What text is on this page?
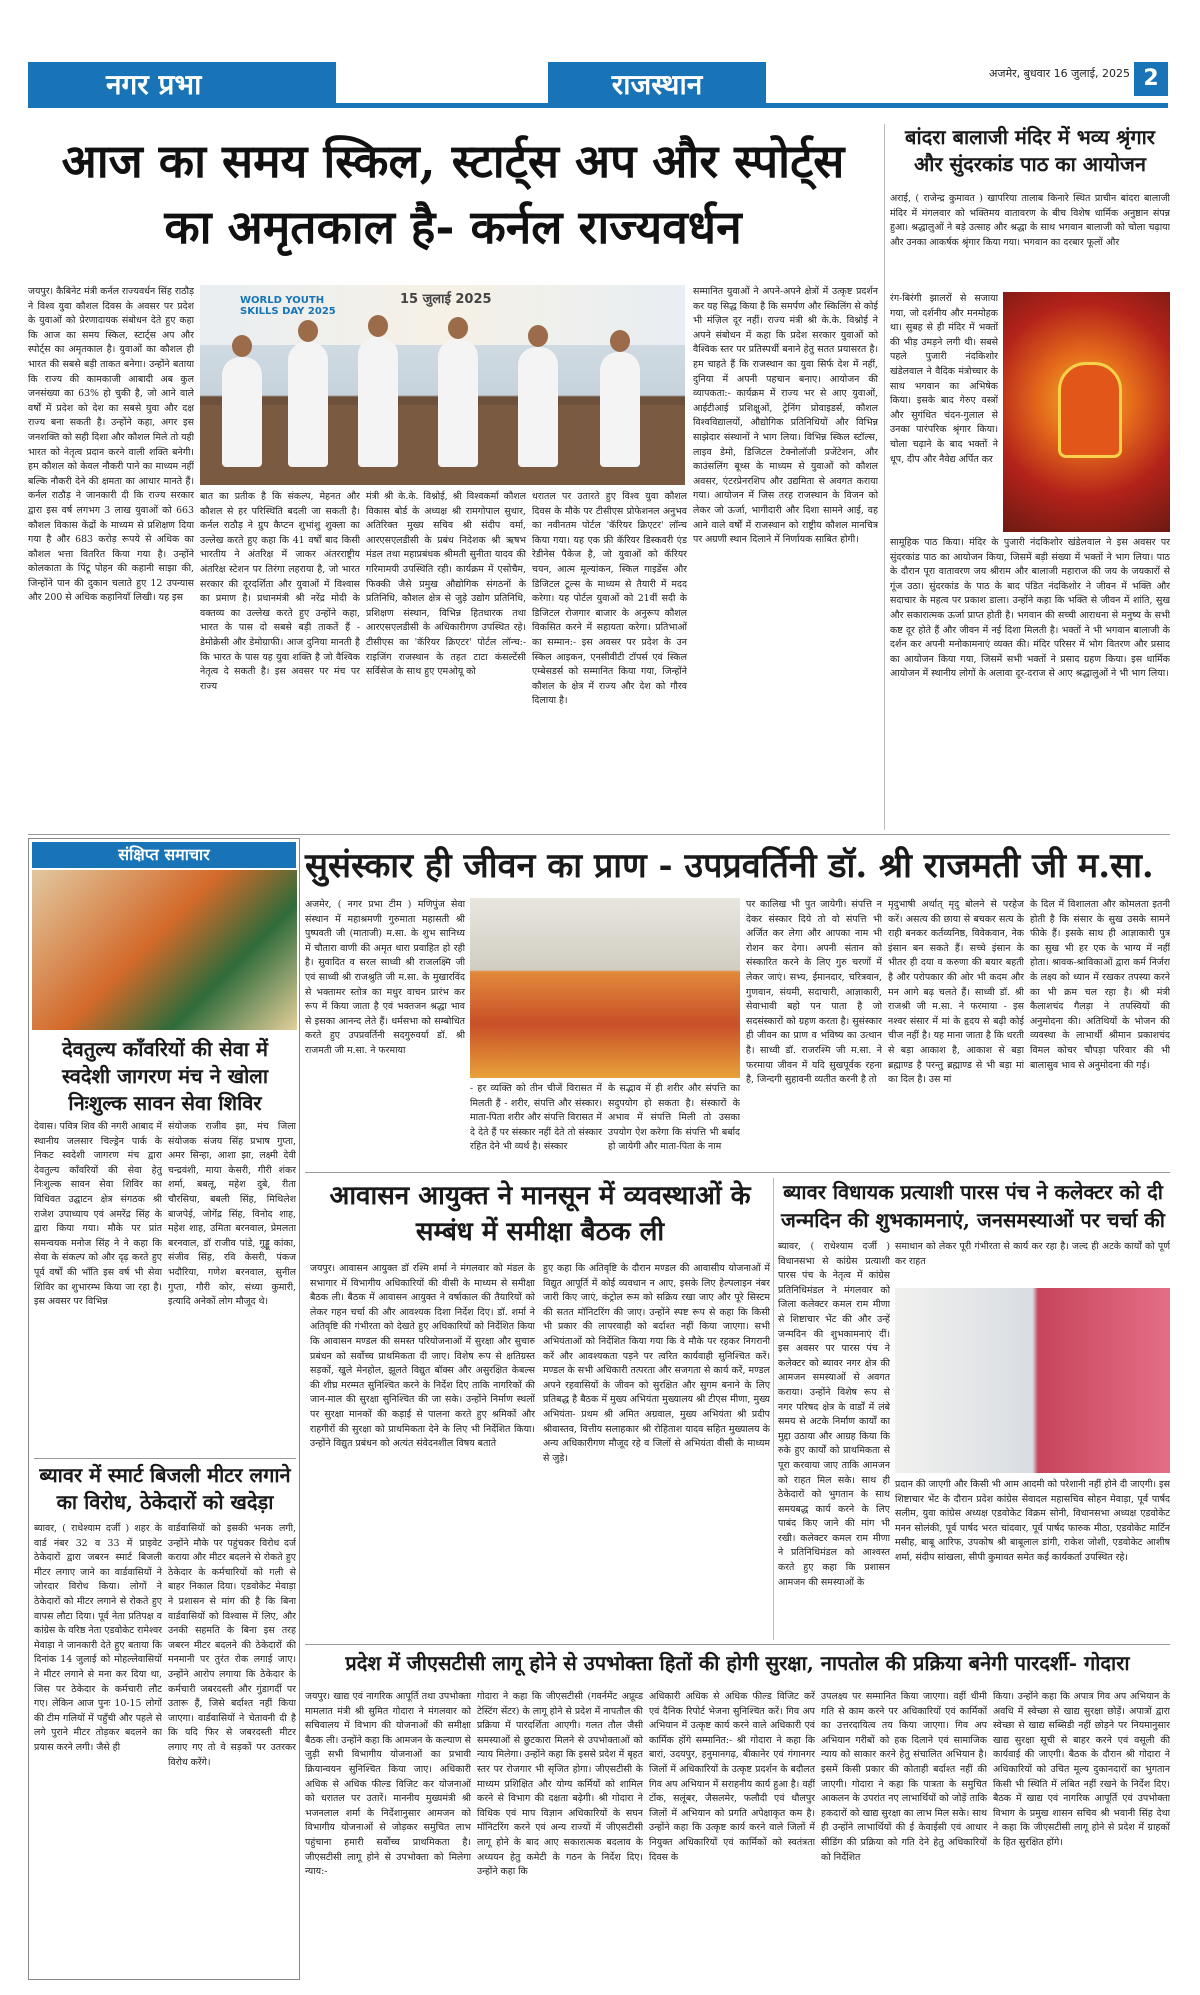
नगर प्रभा	राजस्थान	अजमेर, बुधवार 16 जुलाई, 2025 2
आज का समय स्किल, स्टार्ट्स अप और स्पोर्ट्स
का अमृतकाल है- कर्नल राज्यवर्धन
जयपुर। कैबिनेट मंत्री कर्नल राज्यवर्धन सिंह राठौड़ ने विश्व युवा कौशल दिवस के अवसर पर प्रदेश के युवाओं को प्रेरणादायक संबोधन देते हुए कहा कि आज का समय स्किल, स्टार्ट्स अप और स्पोर्ट्स का अमृतकाल है। युवाओं का कौशल ही भारत की सबसे बड़ी ताकत बनेगा। उन्होंने बताया कि राज्य की कामकाजी आबादी अब कुल जनसंख्या का 63% हो चुकी है, जो आने वाले वर्षों में प्रदेश को देश का सबसे युवा और दक्ष राज्य बना सकती है। उन्होंने कहा, अगर इस जनशक्ति को सही दिशा और कौशल मिले तो यही भारत को नेतृत्व प्रदान करने वाली शक्ति बनेगी। हम कौशल को केवल नौकरी पाने का माध्यम नहीं बल्कि नौकरी देने की क्षमता का आधार मानते हैं। कर्नल राठौड़ ने जानकारी दी कि राज्य सरकार द्वारा इस वर्ष लगभग 3 लाख युवाओं को 663 कौशल विकास केंद्रों के माध्यम से प्रशिक्षण दिया गया है और 683 करोड़ रूपये से अधिक का कौशल भत्ता वितरित किया गया है। उन्होंने कोलकाता के पिंटू पोहन की कहानी साझा की, जिन्होंने पान की दुकान चलाते हुए 12 उपन्यास और 200 से अधिक कहानियाँ लिखी। यह इस
WORLD YOUTH SKILLS DAY 2025
15 जुलाई 2025
बात का प्रतीक है कि संकल्प, मेहनत और कौशल से हर परिस्थिति बदली जा सकती है। कर्नल राठौड़ ने ग्रुप कैप्टन शुभांशु शुक्ला का उल्लेख करते हुए कहा कि 41 वर्षों बाद किसी भारतीय ने अंतरिक्ष में जाकर अंतरराष्ट्रीय अंतरिक्ष स्टेशन पर तिरंगा लहराया है, जो भारत सरकार की दूरदर्शिता और युवाओं में विश्वास का प्रमाण है। प्रधानमंत्री श्री नरेंद्र मोदी के वक्तव्य का उल्लेख करते हुए उन्होंने कहा, भारत के पास दो सबसे बड़ी ताकतें हैं - डेमोक्रेसी और डेमोग्राफी। आज दुनिया मानती है कि भारत के पास यह युवा शक्ति है जो वैश्विक नेतृत्व दे सकती है। इस अवसर पर मंच पर राज्य
मंत्री श्री के.के. विश्नोई, श्री विश्वकर्मा कौशल विकास बोर्ड के अध्यक्ष श्री रामगोपाल सुथार, अतिरिक्त मुख्य सचिव श्री संदीप वर्मा, आरएसएलडीसी के प्रबंध निदेशक श्री ऋषभ मंडल तथा महाप्रबंधक श्रीमती सुनीता यादव की गरिमामयी उपस्थिति रही। कार्यक्रम में एसोचैम, फिक्की जैसे प्रमुख औद्योगिक संगठनों के प्रतिनिधि, कौशल क्षेत्र से जुड़े उद्योग प्रतिनिधि, प्रशिक्षण संस्थान, विभिन्न हितधारक तथा आरएसएलडीसी के अधिकारीगण उपस्थित रहे। टीसीएस का 'कॅरियर क्रिएटर' पोर्टल लॉन्च:- राइजिंग राजस्थान के तहत टाटा कंसल्टेंसी सर्विसेज के साथ हुए एमओयू को
धरातल पर उतारते हुए विश्व युवा कौशल दिवस के मौके पर टीसीएस प्रोफेशनल अनुभव का नवीनतम पोर्टल 'कॅरियर क्रिएटर' लॉन्च किया गया। यह एक फ्री कॅरियर डिस्कवरी एंड रेडीनेस पैकेज है, जो युवाओं को कॅरियर चयन, आत्म मूल्यांकन, स्किल गाइडेंस और डिजिटल टूल्स के माध्यम से तैयारी में मदद करेगा। यह पोर्टल युवाओं को 21वीं सदी के डिजिटल रोजगार बाजार के अनुरूप कौशल विकसित करने में सहायता करेगा। प्रतिभाओं का सम्मान:- इस अवसर पर प्रदेश के उन स्किल आइकन, एनसीवीटी टॉपर्स एवं स्किल एम्बेसडर्स को सम्मानित किया गया, जिन्होंने कौशल के क्षेत्र में राज्य और देश को गौरव दिलाया है।
सम्मानित युवाओं ने अपने-अपने क्षेत्रों में उत्कृष्ट प्रदर्शन कर यह सिद्ध किया है कि समर्पण और स्किलिंग से कोई भी मंज़िल दूर नहीं। राज्य मंत्री श्री के.के. विश्नोई ने अपने संबोधन में कहा कि प्रदेश सरकार युवाओं को वैश्विक स्तर पर प्रतिस्पर्धी बनाने हेतु सतत प्रयासरत है। हम चाहते हैं कि राजस्थान का युवा सिर्फ देश में नहीं, दुनिया में अपनी पहचान बनाए। आयोजन की व्यापकता:- कार्यक्रम में राज्य भर से आए युवाओं, आईटीआई प्रशिक्षुओं, ट्रेनिंग प्रोवाइडर्स, कौशल विश्वविद्यालयों, औद्योगिक प्रतिनिधियों और विभिन्न साझेदार संस्थानों ने भाग लिया। विभिन्न स्किल स्टॉल्स, लाइव डेमो, डिजिटल टेक्नोलॉजी प्रजेंटेशन, और काउंसलिंग बूथ्स के माध्यम से युवाओं को कौशल अवसर, एंटरप्रेनरशिप और उद्यमिता से अवगत कराया गया। आयोजन में जिस तरह राजस्थान के विजन को लेकर जो ऊर्जा, भागीदारी और दिशा सामने आई, वह आने वाले वर्षों में राजस्थान को राष्ट्रीय कौशल मानचित्र पर अग्रणी स्थान दिलाने में निर्णायक साबित होगी।
बांदरा बालाजी मंदिर में भव्य श्रृंगार और सुंदरकांड पाठ का आयोजन
अराई, ( राजेन्द्र कुमावत ) खापरिया तालाब किनारे स्थित प्राचीन बांदरा बालाजी मंदिर में मंगलवार को भक्तिमय वातावरण के बीच विशेष धार्मिक अनुष्ठान संपन्न हुआ। श्रद्धालुओं ने बड़े उत्साह और श्रद्धा के साथ भगवान बालाजी को चोला चढ़ाया और उनका आकर्षक श्रृंगार किया गया। भगवान का दरबार फूलों और
रंग-बिरंगी झालरों से सजाया गया, जो दर्शनीय और मनमोहक था। सुबह से ही मंदिर में भक्तों की भीड़ उमड़ने लगी थी। सबसे पहले पुजारी नंदकिशोर खंडेलवाल ने वैदिक मंत्रोच्चार के साथ भगवान का अभिषेक किया। इसके बाद गेरुए वस्त्रों और सुगंधित चंदन-गुलाल से उनका पारंपरिक श्रृंगार किया। चोला चढ़ाने के बाद भक्तों ने धूप, दीप और नैवेद्य अर्पित कर
सामूहिक पाठ किया। मंदिर के पुजारी नंदकिशोर खंडेलवाल ने इस अवसर पर सुंदरकांड पाठ का आयोजन किया, जिसमें बड़ी संख्या में भक्तों ने भाग लिया। पाठ के दौरान पूरा वातावरण जय श्रीराम और बालाजी महाराज की जय के जयकारों से गूंज उठा। सुंदरकांड के पाठ के बाद पंडित नंदकिशोर ने जीवन में भक्ति और सदाचार के महत्व पर प्रकाश डाला। उन्होंने कहा कि भक्ति से जीवन में शांति, सुख और सकारात्मक ऊर्जा प्राप्त होती है। भगवान की सच्ची आराधना से मनुष्य के सभी कष्ट दूर होते हैं और जीवन में नई दिशा मिलती है। भक्तों ने भी भगवान बालाजी के दर्शन कर अपनी मनोकामनाएं व्यक्त की। मंदिर परिसर में भोग वितरण और प्रसाद का आयोजन किया गया, जिसमें सभी भक्तों ने प्रसाद ग्रहण किया। इस धार्मिक आयोजन में स्थानीय लोगों के अलावा दूर-दराज से आए श्रद्धालुओं ने भी भाग लिया।
संक्षिप्त समाचार
देवतुल्य काँवरियों की सेवा में स्वदेशी जागरण मंच ने खोला निःशुल्क सावन सेवा शिविर
देवास। पवित्र शिव की नगरी आबाद में स्थानीय जलसार चिल्ड्रेन पार्क के निकट स्वदेशी जागरण मंच द्वारा देवतुल्य काँवरियों की सेवा हेतु निःशुल्क सावन सेवा शिविर का विधिवत उद्घाटन क्षेत्र संगठक श्री राजेश उपाध्याय एवं अमरेंद्र सिंह के द्वारा किया गया। मौके पर प्रांत समन्वयक मनोज सिंह ने ने कहा कि सेवा के संकल्प को और दृढ़ करते हुए पूर्व वर्षों की भाँति इस वर्ष भी सेवा शिविर का शुभारम्भ किया जा रहा है। इस अवसर पर विभिन्न
संयोजक राजीव झा, मंच जिला संयोजक संजय सिंह प्रभाष गुप्ता, अमर सिन्हा, आशा झा, लक्ष्मी देवी चन्द्रवंशी, माया केसरी, गीरी शंकर शर्मा, बबलू, महेश दुबे, रीता चौरसिया, बबली सिंह, मिथिलेश बाजपेई, जोगेंद्र सिंह, विनोद शाह, महेश शाह, उमिता बरनवाल, प्रेमलता बरनवाल, डॉ राजीव पांडे, गुड्डू कांका, संजीव सिंह, रवि केसरी, पंकज भदौरिया, गणेश बरनवाल, सुनील गुप्ता, गौरी कोर, संध्या कुमारी, इत्यादि अनेकों लोग मौजूद थे।
ब्यावर में स्मार्ट बिजली मीटर लगाने का विरोध, ठेकेदारों को खदेड़ा
ब्यावर, ( राधेश्याम दर्जी ) शहर के वार्ड नंबर 32 व 33 में प्राइवेट ठेकेदारों द्वारा जबरन स्मार्ट बिजली मीटर लगाए जाने का वार्डवासियों ने जोरदार विरोध किया। लोगों ने ठेकेदारों को मीटर लगाने से रोकते हुए वापस लौटा दिया। पूर्व नेता प्रतिपक्ष व कांग्रेस के वरिष्ठ नेता एडवोकेट रामेश्वर मेवाड़ा ने जानकारी देते हुए बताया कि दिनांक 14 जुलाई को मोहल्लेवासियों ने मीटर लगाने से मना कर दिया था, जिस पर ठेकेदार के कर्मचारी लौट गए। लेकिन आज पुनः 10-15 लोगों की टीम गलियों में पहुँची और पहले से लगे पुराने मीटर तोड़कर बदलने का प्रयास करने लगी। जैसे ही
वार्डवासियों को इसकी भनक लगी, उन्होंने मौके पर पहुंचकर विरोध दर्ज कराया और मीटर बदलने से रोकते हुए ठेकेदार के कर्मचारियों को गली से बाहर निकाल दिया। एडवोकेट मेवाड़ा ने प्रशासन से मांग की है कि बिना वार्डवासियों को विश्वास में लिए, और उनकी सहमति के बिना इस तरह जबरन मीटर बदलने की ठेकेदारों की मनमानी पर तुरंत रोक लगाई जाए। उन्होंने आरोप लगाया कि ठेकेदार के कर्मचारी जबरदस्ती और गुंडागर्दी पर उतारू हैं, जिसे बर्दाश्त नहीं किया जाएगा। वार्डवासियों ने चेतावनी दी है कि यदि फिर से जबरदस्ती मीटर लगाए गए तो वे सड़कों पर उतरकर विरोध करेंगे।
सुसंस्कार ही जीवन का प्राण - उपप्रवर्तिनी डॉ. श्री राजमती जी म.सा.
अजमेर, ( नगर प्रभा टीम ) मणिपुंज सेवा संस्थान में महाश्रमणी गुरुमाता महासती श्री पुष्पवती जी (माताजी) म.सा. के शुभ सानिध्य में चौतारा वाणी की अमृत धारा प्रवाहित हो रही है। सुवादित व सरल साध्वी श्री राजलक्ष्मि जी एवं साध्वी श्री राजश्रुति जी म.सा. के मुखारविंद से भक्तामर स्तोत्र का मधुर वाचन प्रारंभ कर रूप में किया जाता है एवं भक्तजन श्रद्धा भाव से इसका आनन्द लेते हैं। धर्मसभा को सम्बोधित करते हुए उपप्रवर्तिनी सदगुरुवर्या डॉ. श्री राजमती जी म.सा. ने फरमाया
- हर व्यक्ति को तीन चीजें विरासत में मिलती हैं - शरीर, संपत्ति और संस्कार। माता-पिता शरीर और संपत्ति विरासत में दे देते हैं पर संस्कार नहीं देते तो संस्कार रहित देने भी व्यर्थ है। संस्कार
के सद्भाव में ही शरीर और संपत्ति का सदुपयोग हो सकता है। संस्कारों के अभाव में संपत्ति मिली तो उसका उपयोग ऐश करेगा कि संपत्ति भी बर्बाद हो जायेगी और माता-पिता के नाम
पर कालिख भी पुत जायेगी। संपत्ति न देकर संस्कार दिये तो वो संपत्ति भी अर्जित कर लेगा और आपका नाम भी रोशन कर देगा। अपनी संतान को संस्कारित करने के लिए गुरु चरणों में लेकर जाएं। सभ्य, ईमानदार, चरित्रवान, गुणवान, संयमी, सदाचारी, आज्ञाकारी, सेवाभावी बहो पन पाता है जो सदसंस्कारों को ग्रहण करता है। सुसंस्कार ही जीवन का प्राण व भविष्य का उत्थान है। साध्वी डॉ. राजरश्मि जी म.सा. ने फरमाया जीवन में यदि सुखपूर्वक रहना है, जिन्दगी सुहावनी व्यतीत करनी है तो
मृदुभाषी अर्थात् मृदु बोलने से परहेज करें। असत्य की छाया से बचकर सत्य के राही बनकर कर्तव्यनिष्ठ, विवेकवान, नेक इंसान बन सकते हैं। सच्चे इंसान के भीतर ही दया व करुणा की बयार बहती है और परोपकार की ओर भी कदम और मन आगे बढ़ चलते हैं। साध्वी डॉ. श्री राजश्री जी म.सा. ने फरमाया - इस नश्वर संसार में मां के हृदय से बढ़ी कोई चीज नहीं है। यह माना जाता है कि धरती से बड़ा आकाश है, आकाश से बड़ा ब्रह्माण्ड है परन्तु ब्रह्माण्ड से भी बड़ा मां का दिल है। उस मां
के दिल में विशालता और कोमलता इतनी होती है कि संसार के सुख उसके सामने फीके हैं। इसके साथ ही आज्ञाकारी पुत्र का सुख भी हर एक के भाग्य में नहीं होता। श्रावक-श्राविकाओं द्वारा कर्म निर्जरा के लक्ष्य को ध्यान में रखकर तपस्या करने का भी क्रम चल रहा है। श्री मंत्री कैलाशचंद गैलड़ा ने तपस्वियों की अनुमोदना की। अतिथियों के भोजन की व्यवस्था के लाभार्थी श्रीमान प्रकाशचंद विमल कोचर चौपड़ा परिवार की भी बालासुव भाव से अनुमोदना की गई।
आवासन आयुक्त ने मानसून में व्यवस्थाओं के सम्बंध में समीक्षा बैठक ली
जयपुर। आवासन आयुक्त डॉ रश्मि शर्मा ने मंगलवार को मंडल के सभागार में विभागीय अधिकारियों की वीसी के माध्यम से समीक्षा बैठक ली। बैठक में आवासन आयुक्त ने वर्षाकाल की तैयारियों को लेकर गहन चर्चा की और आवश्यक दिशा निर्देश दिए। डॉ. शर्मा ने अतिवृष्टि की गंभीरता को देखते हुए अधिकारियों को निर्देशित किया कि आवासन मण्डल की समस्त परियोजनाओं में सुरक्षा और सुचारु प्रबंधन को सर्वोच्च प्राथमिकता दी जाए। विशेष रूप से क्षतिग्रस्त सड़कों, खुले मेनहोल, झूलते विद्युत बॉक्स और असुरक्षित केबल्स की शीघ्र मरम्मत सुनिश्चित करने के निर्देश दिए ताकि नागरिकों की जान-माल की सुरक्षा सुनिश्चित की जा सके। उन्होंने निर्माण स्थलों पर सुरक्षा मानकों की कड़ाई से पालना करते हुए श्रमिकों और राहगीरों की सुरक्षा को प्राथमिकता देने के लिए भी निर्देशित किया। उन्होंने विद्युत प्रबंधन को अत्यंत संवेदनशील विषय बताते
हुए कहा कि अतिवृष्टि के दौरान मण्डल की आवासीय योजनाओं में विद्युत आपूर्ति में कोई व्यवधान न आए, इसके लिए हेल्पलाइन नंबर जारी किए जाएं, कंट्रोल रूम को सक्रिय रखा जाए और पूरे सिस्टम की सतत मॉनिटरिंग की जाए। उन्होंने स्पष्ट रूप से कहा कि किसी भी प्रकार की लापरवाही को बर्दाश्त नहीं किया जाएगा। सभी अभियंताओं को निर्देशित किया गया कि वे मौके पर रहकर निगरानी करें और आवश्यकता पड़ने पर त्वरित कार्यवाही सुनिश्चित करें। मण्डल के सभी अधिकारी तत्परता और सजगता से कार्य करें, मण्डल अपने रहवासियों के जीवन को सुरक्षित और सुगम बनाने के लिए प्रतिबद्ध है बैठक में मुख्य अभियंता मुख्यालय श्री टीएस मीणा, मुख्य अभियंता- प्रथम श्री अमित अग्रवाल, मुख्य अभियंता श्री प्रदीप श्रीवास्तव, वित्तीय सलाहकार श्री रोहिताश यादव सहित मुख्यालय के अन्य अधिकारीगण मौजूद रहे व जिलों से अभियंता वीसी के माध्यम से जुड़े।
ब्यावर विधायक प्रत्याशी पारस पंच ने कलेक्टर को दी जन्मदिन की शुभकामनाएं, जनसमस्याओं पर चर्चा की
ब्यावर, ( राधेश्याम दर्जी ) विधानसभा से कांग्रेस प्रत्याशी पारस पंच के नेतृत्व में कांग्रेस प्रतिनिधिमंडल ने मंगलवार को जिला कलेक्टर कमल राम मीणा से शिष्टाचार भेंट की और उन्हें जन्मदिन की शुभकामनाएं दीं। इस अवसर पर पारस पंच ने कलेक्टर को ब्यावर नगर क्षेत्र की आमजन समस्याओं से अवगत कराया। उन्होंने विशेष रूप से नगर परिषद क्षेत्र के वार्डों में लंबे समय से अटके निर्माण कार्यों का मुद्दा उठाया और आग्रह किया कि रुके हुए कार्यों को प्राथमिकता से पूरा करवाया जाए ताकि आमजन को राहत मिल सके। साथ ही ठेकेदारों को भुगतान के साथ समयबद्ध कार्य करने के लिए पाबंद किए जाने की मांग भी रखी। कलेक्टर कमल राम मीणा ने प्रतिनिधिमंडल को आश्वस्त करते हुए कहा कि प्रशासन आमजन की समस्याओं के
समाधान को लेकर पूरी गंभीरता से कार्य कर रहा है। जल्द ही अटके कार्यों को पूर्ण कर राहत
प्रदान की जाएगी और किसी भी आम आदमी को परेशानी नहीं होने दी जाएगी। इस शिष्टाचार भेंट के दौरान प्रदेश कांग्रेस सेवादल महासचिव सोहन मेवाड़ा, पूर्व पार्षद सलीम, युवा कांग्रेस अध्यक्ष एडवोकेट विक्रम सोनी, विधानसभा अध्यक्ष एडवोकेट मनन सोलंकी, पूर्व पार्षद भरत चांदवार, पूर्व पार्षद फारुक मीठा, एडवोकेट मार्टिन मसीह, बाबू आरिफ, उपकोष श्री बाबूलाल डांगी, राकेश जोशी, एडवोकेट आशीष शर्मा, संदीप सांखला, सीपी कुमावत समेत कई कार्यकर्ता उपस्थित रहे।
प्रदेश में जीएसटीसी लागू होने से उपभोक्ता हितों की होगी सुरक्षा, नापतोल की प्रक्रिया बनेगी पारदर्शी- गोदारा
जयपुर। खाद्य एवं नागरिक आपूर्ति तथा उपभोक्ता मामलात मंत्री श्री सुमित गोदारा ने मंगलवार को सचिवालय में विभाग की योजनाओं की समीक्षा बैठक ली। उन्होंने कहा कि आमजन के कल्याण से जुड़ी सभी विभागीय योजनाओं का प्रभावी क्रियान्वयन सुनिश्चित किया जाए। अधिकारी अधिक से अधिक फील्ड विजिट कर योजनाओं को धरातल पर उतारें। माननीय मुख्यमंत्री श्री भजनलाल शर्मा के निर्देशानुसार आमजन को विभागीय योजनाओं से जोड़कर समुचित लाभ पहुंचाना हमारी सर्वोच्च प्राथमिकता है। जीएसटीसी लागू होने से उपभोक्ता को मिलेगा न्याय:-
गोदारा ने कहा कि जीएसटीसी (गवर्नमेंट अप्रूव्ड टेस्टिंग सेंटर) के लागू होने से प्रदेश में नापतौल की प्रक्रिया में पारदर्शिता आएगी। गलत तौल जैसी समस्याओं से छुटकारा मिलने से उपभोक्ताओं को न्याय मिलेगा। उन्होंने कहा कि इससे प्रदेश में बृहत स्तर पर रोजगार भी सृजित होगा। जीएसटीसी के माध्यम प्रशिक्षित और योग्य कर्मियों को शामिल करने से विभाग की दक्षता बढ़ेगी। श्री गोदारा ने विधिक एवं माप विज्ञान अधिकारियों के सघन मॉनिटरिंग करने एवं अन्य राज्यों में जीएसटीसी लागू होने के बाद आए सकारात्मक बदलाव के अध्ययन हेतु कमेटी के गठन के निर्देश दिए। उन्होंने कहा कि
अधिकारी अधिक से अधिक फील्ड विजिट करें एवं दैनिक रिपोर्ट भेजना सुनिश्चित करें। गिव अप अभियान में उत्कृष्ट कार्य करने वाले अधिकारी एवं कार्मिक होंगे सम्मानित:- श्री गोदारा ने कहा कि बारां, उदयपुर, हनुमानगढ़, बीकानेर एवं गंगानगर जिलों में अधिकारियों के उत्कृष्ट प्रदर्शन के बदौलत गिव अप अभियान में सराहनीय कार्य हुआ है। वहीं टोंक, सलूंबर, जैसलमेर, फलौदी एवं धौलपुर जिलों में अभियान को प्रगति अपेक्षाकृत कम है। उन्होंने कहा कि उत्कृष्ट कार्य करने वाले जिलों में नियुक्त अधिकारियों एवं कार्मिकों को स्वतंत्रता दिवस के
उपलक्ष्य पर सम्मानित किया जाएगा। वहीं धीमी गति से काम करने पर अधिकारियों एवं कार्मिकों का उत्तरदायित्व तय किया जाएगा। गिव अप अभियान गरीबों को हक दिलाने एवं सामाजिक न्याय को साकार करने हेतु संचालित अभियान है। इसमें किसी प्रकार की कोताही बर्दाश्त नहीं की जाएगी। गोदारा ने कहा कि पात्रता के समुचित आकलन के उपरांत नए लाभार्थियों को जोड़ें ताकि हकदारों को खाद्य सुरक्षा का लाभ मिल सके। साथ ही उन्होंने लाभार्थियों की ई केवाईसी एवं आधार सीडिंग की प्रक्रिया को गति देने हेतु अधिकारियों को निर्देशित
किया। उन्होंने कहा कि अपात्र गिव अप अभियान के अवधि में स्वेच्छा से खाद्य सुरक्षा छोड़ें। अपात्रों द्वारा स्वेच्छा से खाद्य सब्सिडी नहीं छोड़ने पर नियमानुसार खाद्य सुरक्षा सूची से बाहर करने एवं वसूली की कार्यवाई की जाएगी। बैठक के दौरान श्री गोदारा ने अधिकारियों को उचित मूल्य दुकानदारों का भुगतान किसी भी स्थिति में लंबित नहीं रखने के निर्देश दिए। बैठक में खाद्य एवं नागरिक आपूर्ति एवं उपभोक्ता विभाग के प्रमुख शासन सचिव श्री भवानी सिंह देथा ने कहा कि जीएसटीसी लागू होने से प्रदेश में ग्राहकों के हित सुरक्षित होंगे।
